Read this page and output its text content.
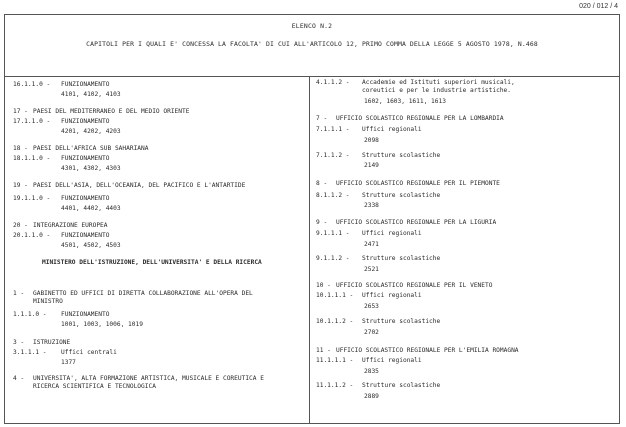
020 / 012 / 4
ELENCO N.2
CAPITOLI PER I QUALI E' CONCESSA LA FACOLTA' DI CUI ALL'ARTICOLO 12, PRIMO COMMA DELLA LEGGE 5 AGOSTO 1978, N.468
16.1.1.0 - FUNZIONAMENTO
4101, 4102, 4103
17 - PAESI DEL MEDITERRANEO E DEL MEDIO ORIENTE
17.1.1.0 - FUNZIONAMENTO
4201, 4202, 4203
18 - PAESI DELL'AFRICA SUB SAHARIANA
18.1.1.0 - FUNZIONAMENTO
4301, 4302, 4303
19 - PAESI DELL'ASIA, DELL'OCEANIA, DEL PACIFICO E L'ANTARTIDE
19.1.1.0 - FUNZIONAMENTO
4401, 4402, 4403
20 - INTEGRAZIONE EUROPEA
20.1.1.0 - FUNZIONAMENTO
4501, 4502, 4503
MINISTERO DELL'ISTRUZIONE, DELL'UNIVERSITA' E DELLA RICERCA
1 - GABINETTO ED UFFICI DI DIRETTA COLLABORAZIONE ALL'OPERA DEL
MINISTRO
1.1.1.0 - FUNZIONAMENTO
1001, 1003, 1006, 1019
3 - ISTRUZIONE
3.1.1.1 - Uffici centrali
1377
4 - UNIVERSITA', ALTA FORMAZIONE ARTISTICA, MUSICALE E COREUTICA E
RICERCA SCIENTIFICA E TECNOLOGICA
4.1.1.2 - Accademie ed Istituti superiori musicali,
coreutici e per le industrie artistiche.
1602, 1603, 1611, 1613
7 - UFFICIO SCOLASTICO REGIONALE PER LA LOMBARDIA
7.1.1.1 - Uffici regionali
2098
7.1.1.2 - Strutture scolastiche
2149
8 - UFFICIO SCOLASTICO REGIONALE PER IL PIEMONTE
8.1.1.2 - Strutture scolastiche
2338
9 - UFFICIO SCOLASTICO REGIONALE PER LA LIGURIA
9.1.1.1 - Uffici regionali
2471
9.1.1.2 - Strutture scolastiche
2521
10 - UFFICIO SCOLASTICO REGIONALE PER IL VENETO
10.1.1.1 - Uffici regionali
2653
10.1.1.2 - Strutture scolastiche
2702
11 - UFFICIO SCOLASTICO REGIONALE PER L'EMILIA ROMAGNA
11.1.1.1 - Uffici regionali
2835
11.1.1.2 - Strutture scolastiche
2889
